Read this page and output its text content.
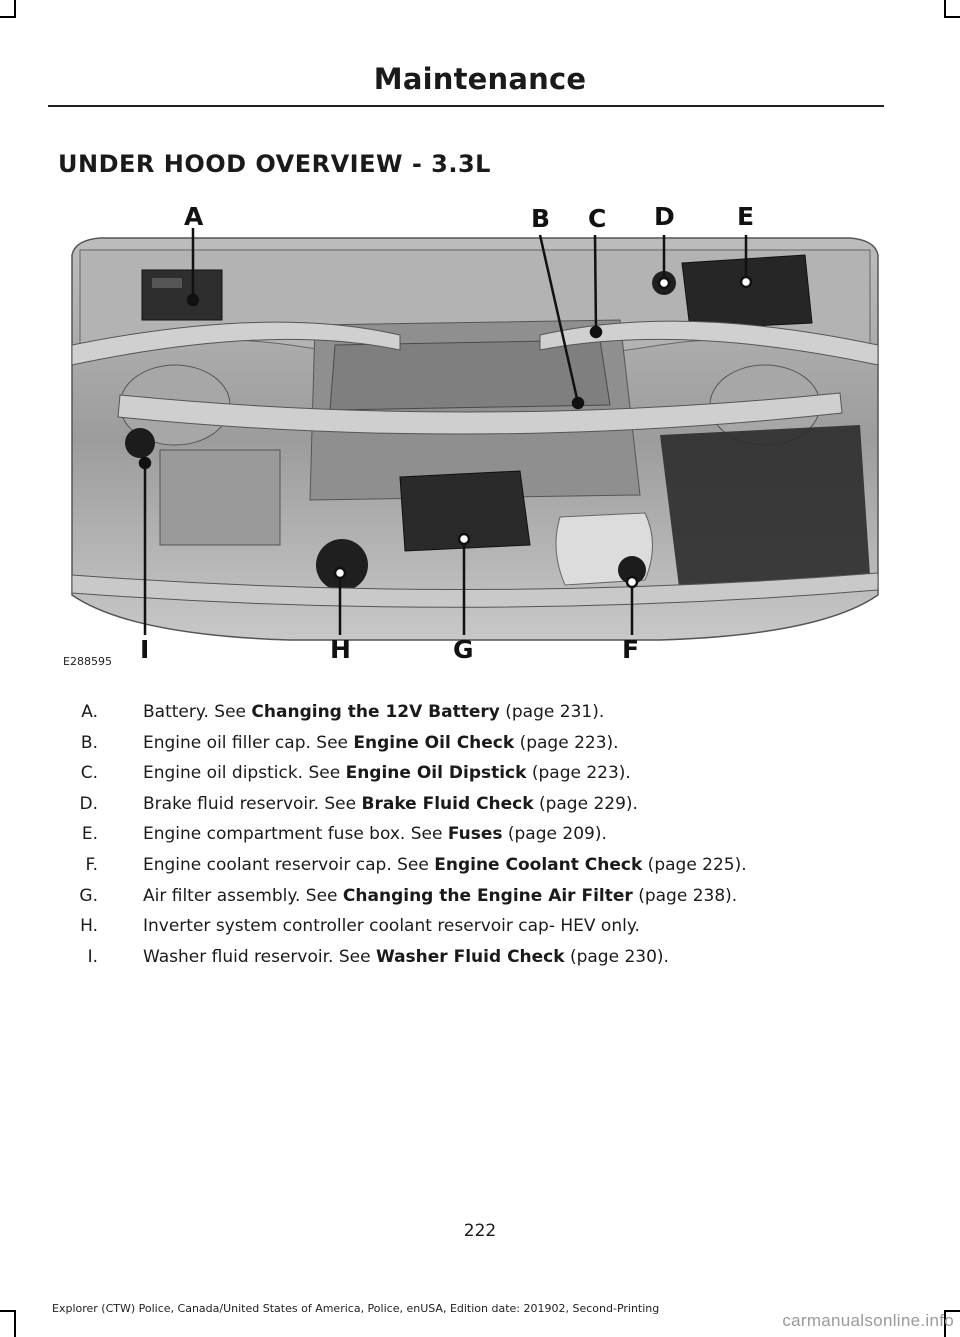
Maintenance
UNDER HOOD OVERVIEW - 3.3L
A	B C D E
I	H	G	F
E288595
A.	Battery. See Changing the 12V Battery (page 231).
B.	Engine oil filler cap. See Engine Oil Check (page 223).
C.	Engine oil dipstick. See Engine Oil Dipstick (page 223).
D.	Brake fluid reservoir. See Brake Fluid Check (page 229).
E.	Engine compartment fuse box. See Fuses (page 209).
F.	Engine coolant reservoir cap. See Engine Coolant Check (page 225).
G.	Air filter assembly. See Changing the Engine Air Filter (page 238).
H.	Inverter system controller coolant reservoir cap- HEV only.
I.	Washer fluid reservoir. See Washer Fluid Check (page 230).
222
Explorer (CTW) Police, Canada/United States of America, Police, enUSA, Edition date: 201902, Second-Printing
carmanualsonline.info
